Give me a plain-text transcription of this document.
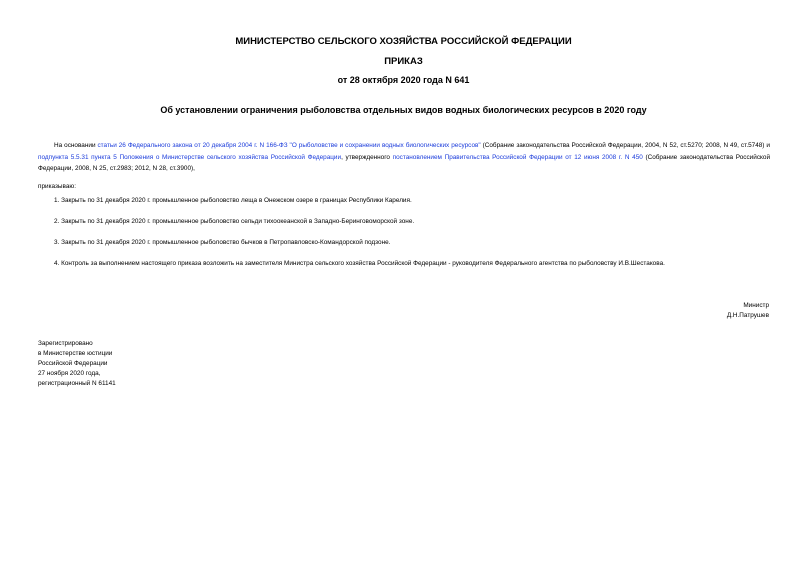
МИНИСТЕРСТВО СЕЛЬСКОГО ХОЗЯЙСТВА РОССИЙСКОЙ ФЕДЕРАЦИИ
ПРИКАЗ
от 28 октября 2020 года N 641
Об установлении ограничения рыболовства отдельных видов водных биологических ресурсов в 2020 году
На основании статьи 26 Федерального закона от 20 декабря 2004 г. N 166-ФЗ "О рыболовстве и сохранении водных биологических ресурсов" (Собрание законодательства Российской Федерации, 2004, N 52, ст.5270; 2008, N 49, ст.5748) и подпункта 5.5.31 пункта 5 Положения о Министерстве сельского хозяйства Российской Федерации, утвержденного постановлением Правительства Российской Федерации от 12 июня 2008 г. N 450 (Собрание законодательства Российской Федерации, 2008, N 25, ст.2983; 2012, N 28, ст.3900),
приказываю:
1. Закрыть по 31 декабря 2020 г. промышленное рыболовство леща в Онежском озере в границах Республики Карелия.
2. Закрыть по 31 декабря 2020 г. промышленное рыболовство сельди тихоокеанской в Западно-Беринговоморской зоне.
3. Закрыть по 31 декабря 2020 г. промышленное рыболовство бычков в Петропавловско-Командорской подзоне.
4. Контроль за выполнением настоящего приказа возложить на заместителя Министра сельского хозяйства Российской Федерации - руководителя Федерального агентства по рыболовству И.В.Шестакова.
Министр
Д.Н.Патрушев
Зарегистрировано
в Министерстве юстиции
Российской Федерации
27 ноября 2020 года,
регистрационный N 61141
